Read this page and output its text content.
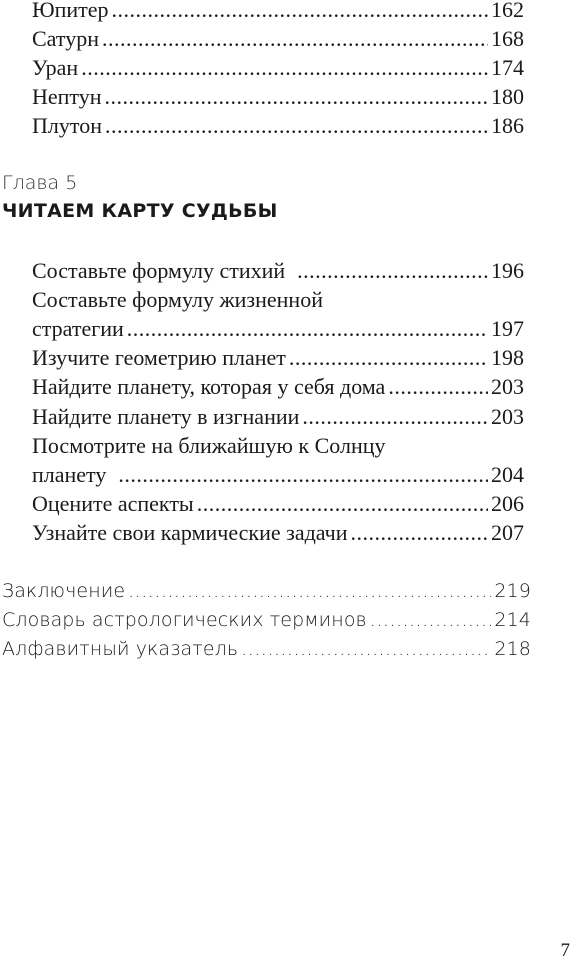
Юпитер .....	162
Сатурн .....	168
Уран .....	174
Нептун .....	180
Плутон .....	186
Глава 5
ЧИТАЕМ КАРТУ СУДЬБЫ
Составьте формулу стихий .....	196
Составьте формулу жизненной
стратегии .....	197
Изучите геометрию планет .....	198
Найдите планету, которая у себя дома .....	203
Найдите планету в изгнании .....	203
Посмотрите на ближайшую к Солнцу
планету .....	204
Оцените аспекты .....	206
Узнайте свои кармические задачи .....	207
Заключение .....	219
Словарь астрологических терминов .....	214
Алфавитный указатель .....	218
7
